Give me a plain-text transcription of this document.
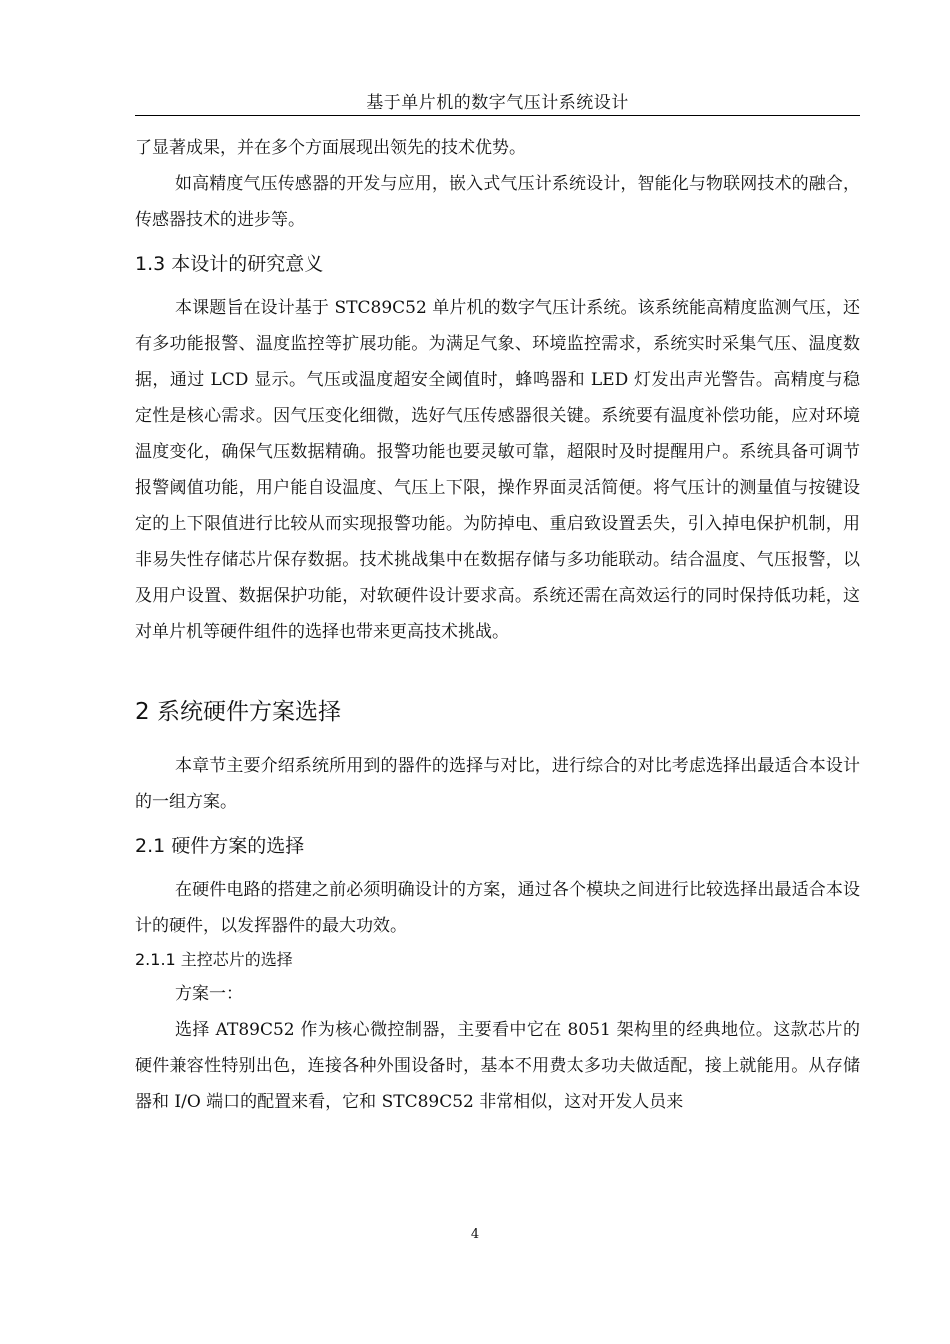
基于单片机的数字气压计系统设计

了显著成果，并在多个方面展现出领先的技术优势。

如高精度气压传感器的开发与应用，嵌入式气压计系统设计，智能化与物联网技术的融合，传感器技术的进步等。

1.3 本设计的研究意义

本课题旨在设计基于 STC89C52 单片机的数字气压计系统。该系统能高精度监测气压，还有多功能报警、温度监控等扩展功能。为满足气象、环境监控需求，系统实时采集气压、温度数据，通过 LCD 显示。气压或温度超安全阈值时，蜂鸣器和 LED 灯发出声光警告。高精度与稳定性是核心需求。因气压变化细微，选好气压传感器很关键。系统要有温度补偿功能，应对环境温度变化，确保气压数据精确。报警功能也要灵敏可靠，超限时及时提醒用户。系统具备可调节报警阈值功能，用户能自设温度、气压上下限，操作界面灵活简便。将气压计的测量值与按键设定的上下限值进行比较从而实现报警功能。为防掉电、重启致设置丢失，引入掉电保护机制，用非易失性存储芯片保存数据。技术挑战集中在数据存储与多功能联动。结合温度、气压报警，以及用户设置、数据保护功能，对软硬件设计要求高。系统还需在高效运行的同时保持低功耗，这对单片机等硬件组件的选择也带来更高技术挑战。

2 系统硬件方案选择

本章节主要介绍系统所用到的器件的选择与对比，进行综合的对比考虑选择出最适合本设计的一组方案。

2.1 硬件方案的选择

在硬件电路的搭建之前必须明确设计的方案，通过各个模块之间进行比较选择出最适合本设计的硬件，以发挥器件的最大功效。

2.1.1 主控芯片的选择

方案一：

选择 AT89C52 作为核心微控制器，主要看中它在 8051 架构里的经典地位。这款芯片的硬件兼容性特别出色，连接各种外围设备时，基本不用费太多功夫做适配，接上就能用。从存储器和 I/O 端口的配置来看，它和 STC89C52 非常相似，这对开发人员来

4
